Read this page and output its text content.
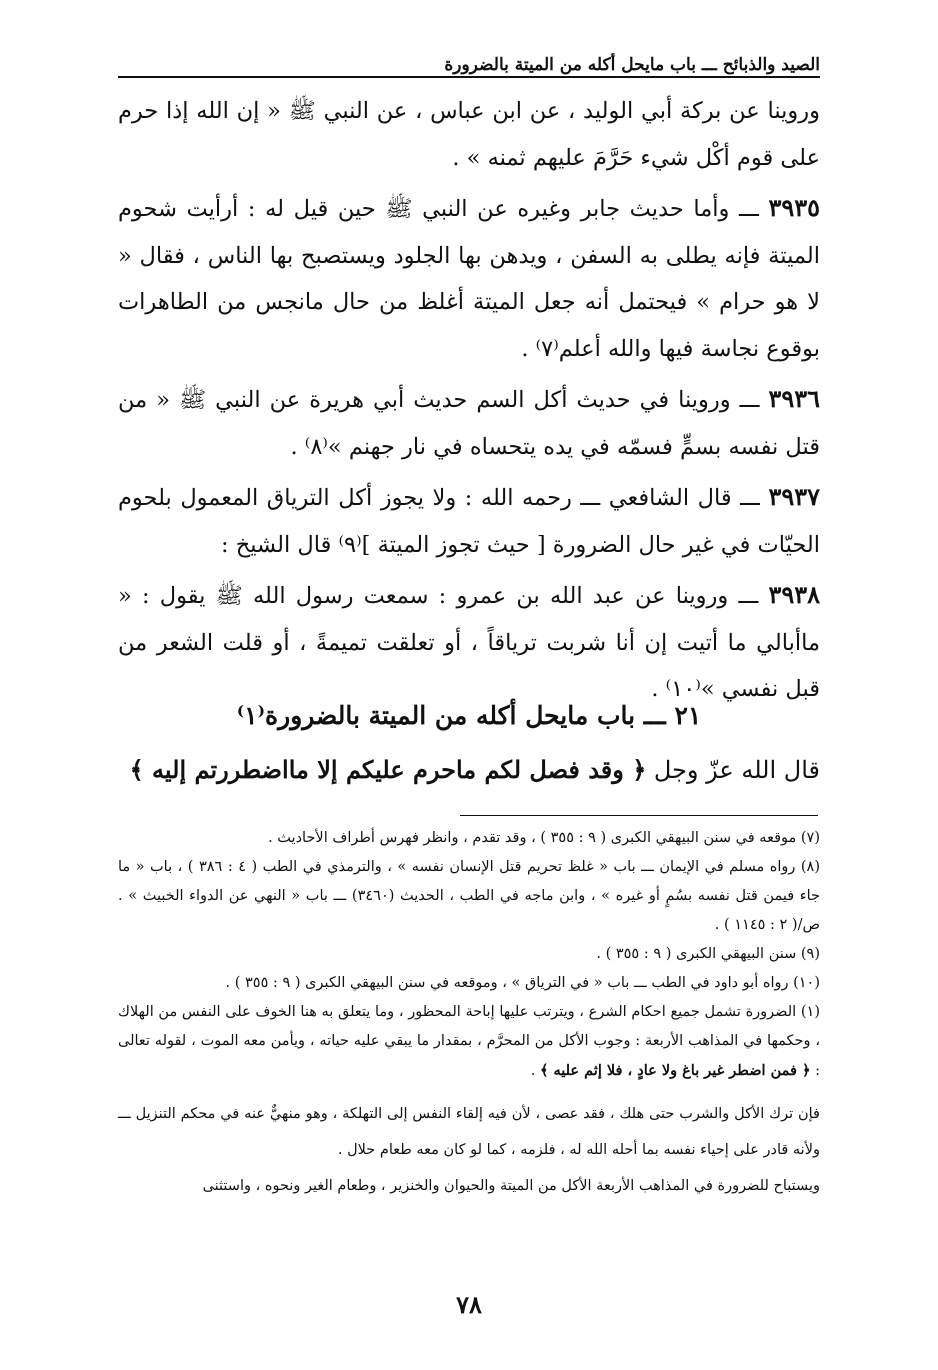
الصيد والذبائح ـــ باب مايحل أكله من الميتة بالضرورة

وروينا عن بركة أبي الوليد ، عن ابن عباس ، عن النبي ﷺ « إن الله إذا حرم على قوم أكْل شيء حَرَّمَ عليهم ثمنه » .

٣٩٣٥ ـــ وأما حديث جابر وغيره عن النبي ﷺ حين قيل له : أرأيت شحوم الميتة فإنه يطلى به السفن ، ويدهن بها الجلود ويستصبح بها الناس ، فقال « لا هو حرام » فيحتمل أنه جعل الميتة أغلظ من حال مانجس من الطاهرات بوقوع نجاسة فيها والله أعلم⁽٧⁾ .

٣٩٣٦ ـــ وروينا في حديث أكل السم حديث أبي هريرة عن النبي ﷺ « من قتل نفسه بسمٍّ فسمّه في يده يتحساه في نار جهنم »⁽٨⁾ .

٣٩٣٧ ـــ قال الشافعي ـــ رحمه الله : ولا يجوز أكل الترياق المعمول بلحوم الحيّات في غير حال الضرورة [ حيث تجوز الميتة ]⁽٩⁾ قال الشيخ :

٣٩٣٨ ـــ وروينا عن عبد الله بن عمرو : سمعت رسول الله ﷺ يقول : « ماأبالي ما أتيت إن أنا شربت ترياقاً ، أو تعلقت تميمةً ، أو قلت الشعر من قبل نفسي »⁽١٠⁾ .

٢١ ـــ باب مايحل أكله من الميتة بالضرورة⁽١⁾
قال الله عزّ وجل ﴿ وقد فصل لكم ماحرم عليكم إلا مااضطررتم إليه ﴾

(٧) موقعه في سنن البيهقي الكبرى ( ٩ : ٣٥٥ ) ، وقد تقدم ، وانظر فهرس أطراف الأحاديث .

(٨) رواه مسلم في الإيمان ـــ باب « غلظ تحريم قتل الإنسان نفسه » ، والترمذي في الطب ( ٤ : ٣٨٦ ) ، باب « ما جاء فيمن قتل نفسه بسُمٍ أو غيره » ، وابن ماجه في الطب ، الحديث (٣٤٦٠) ـــ باب « النهي عن الدواء الخبيث » . ص/( ٢ : ١١٤٥ ) .

(٩) سنن البيهقي الكبرى ( ٩ : ٣٥٥ ) .

(١٠) رواه أبو داود في الطب ـــ باب « في الترياق » ، وموقعه في سنن البيهقي الكبرى ( ٩ : ٣٥٥ ) .

(١) الضرورة تشمل جميع احكام الشرع ، ويترتب عليها إباحة المحظور ، وما يتعلق به هنا الخوف على النفس من الهلاك ، وحكمها في المذاهب الأربعة : وجوب الأكل من المحرَّم ، بمقدار ما يبقي عليه حياته ، ويأمن معه الموت ، لقوله تعالى : ﴿ فمن اضطر غير باغ ولا عادٍ ، فلا إثم عليه ﴾ .

فإن ترك الأكل والشرب حتى هلك ، فقد عصى ، لأن فيه إلقاء النفس إلى التهلكة ، وهو منهيٌّ عنه في محكم التنزيل ـــ ولأنه قادر على إحياء نفسه بما أحله الله له ، فلزمه ، كما لو كان معه طعام حلال .

ويستباح للضرورة في المذاهب الأربعة الأكل من الميتة والحيوان والخنزير ، وطعام الغير ونحوه ، واستثنى

٧٨
